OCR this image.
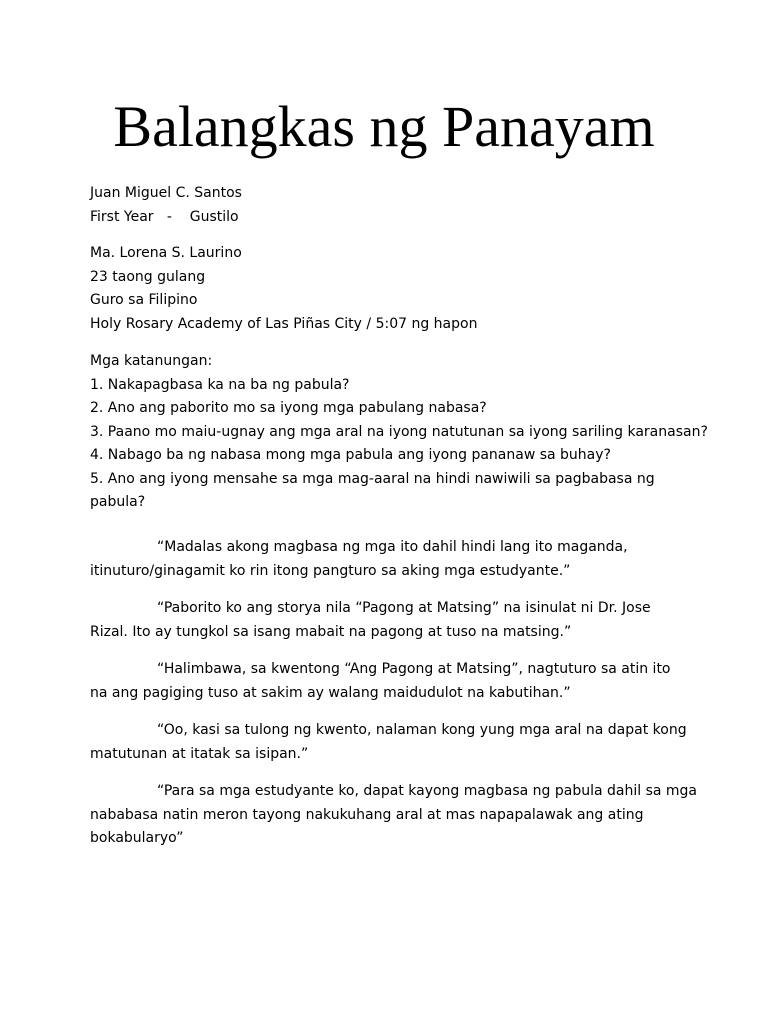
Balangkas ng Panayam
Juan Miguel C. Santos
First Year   -    Gustilo
Ma. Lorena S. Laurino
23 taong gulang
Guro sa Filipino
Holy Rosary Academy of Las Piñas City / 5:07 ng hapon
Mga katanungan:
1. Nakapagbasa ka na ba ng pabula?
2. Ano ang paborito mo sa iyong mga pabulang nabasa?
3. Paano mo maiu-ugnay ang mga aral na iyong natutunan sa iyong sariling karanasan?
4. Nabago ba ng nabasa mong mga pabula ang iyong pananaw sa buhay?
5. Ano ang iyong mensahe sa mga mag-aaral na hindi nawiwili sa pagbabasa ng
pabula?
“Madalas akong magbasa ng mga ito dahil hindi lang ito maganda,
itinuturo/ginagamit ko rin itong pangturo sa aking mga estudyante.”
“Paborito ko ang storya nila “Pagong at Matsing” na isinulat ni Dr. Jose
Rizal. Ito ay tungkol sa isang mabait na pagong at tuso na matsing.”
“Halimbawa, sa kwentong “Ang Pagong at Matsing”, nagtuturo sa atin ito
na ang pagiging tuso at sakim ay walang maidudulot na kabutihan.”
“Oo, kasi sa tulong ng kwento, nalaman kong yung mga aral na dapat kong
matutunan at itatak sa isipan.”
“Para sa mga estudyante ko, dapat kayong magbasa ng pabula dahil sa mga
nababasa natin meron tayong nakukuhang aral at mas napapalawak ang ating
bokabularyo”
